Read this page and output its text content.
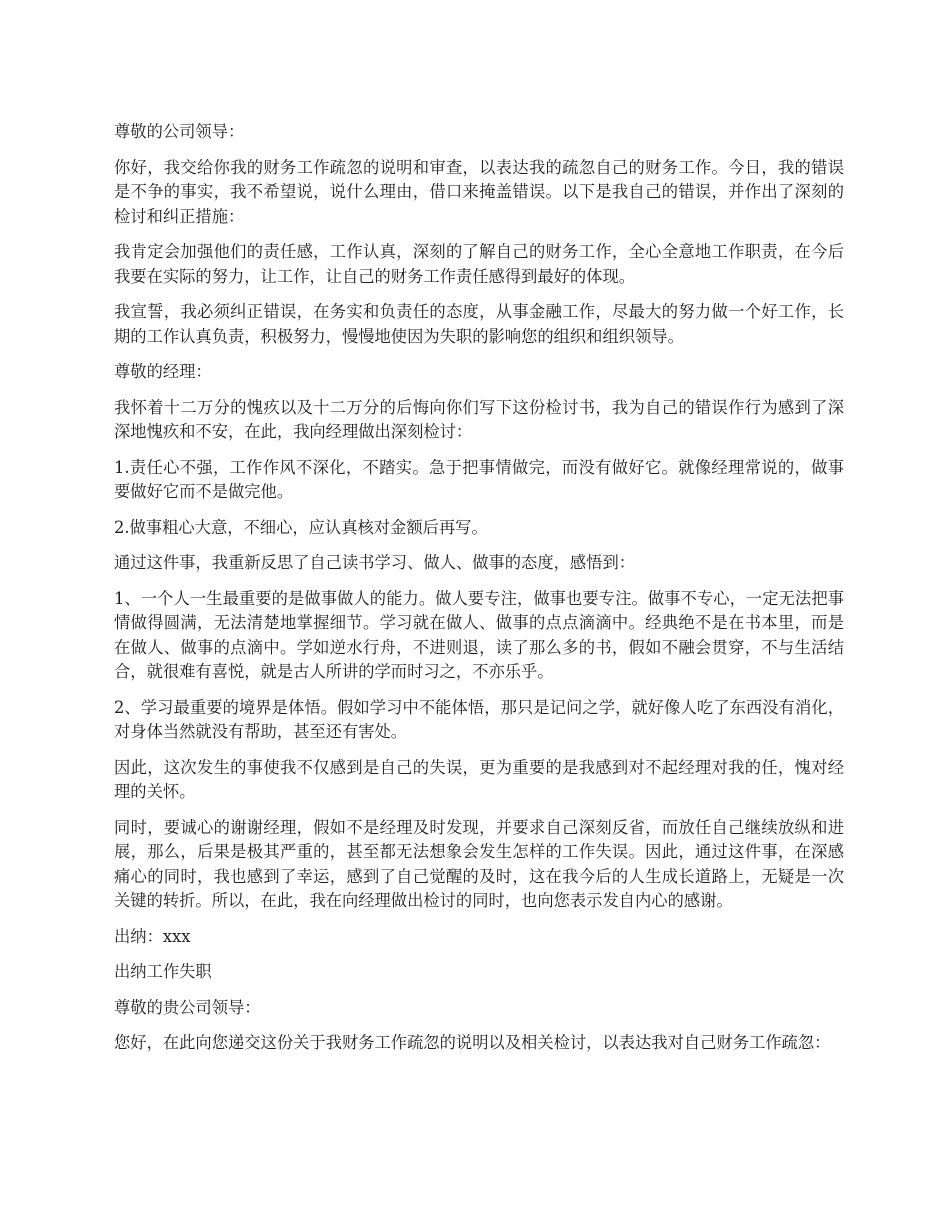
尊敬的公司领导：

你好，我交给你我的财务工作疏忽的说明和审查，以表达我的疏忽自己的财务工作。今日，我的错误是不争的事实，我不希望说，说什么理由，借口来掩盖错误。以下是我自己的错误，并作出了深刻的检讨和纠正措施：

我肯定会加强他们的责任感，工作认真，深刻的了解自己的财务工作，全心全意地工作职责，在今后我要在实际的努力，让工作，让自己的财务工作责任感得到最好的体现。

我宣誓，我必须纠正错误，在务实和负责任的态度，从事金融工作，尽最大的努力做一个好工作，长期的工作认真负责，积极努力，慢慢地使因为失职的影响您的组织和组织领导。

尊敬的经理：

我怀着十二万分的愧疚以及十二万分的后悔向你们写下这份检讨书，我为自己的错误作行为感到了深深地愧疚和不安，在此，我向经理做出深刻检讨：

1.责任心不强，工作作风不深化，不踏实。急于把事情做完，而没有做好它。就像经理常说的，做事要做好它而不是做完他。

2.做事粗心大意，不细心，应认真核对金额后再写。

通过这件事，我重新反思了自己读书学习、做人、做事的态度，感悟到：

1、一个人一生最重要的是做事做人的能力。做人要专注，做事也要专注。做事不专心，一定无法把事情做得圆满，无法清楚地掌握细节。学习就在做人、做事的点点滴滴中。经典绝不是在书本里，而是在做人、做事的点滴中。学如逆水行舟，不进则退，读了那么多的书，假如不融会贯穿，不与生活结合，就很难有喜悦，就是古人所讲的学而时习之，不亦乐乎。

2、学习最重要的境界是体悟。假如学习中不能体悟，那只是记问之学，就好像人吃了东西没有消化，对身体当然就没有帮助，甚至还有害处。

因此，这次发生的事使我不仅感到是自己的失误，更为重要的是我感到对不起经理对我的任，愧对经理的关怀。

同时，要诚心的谢谢经理，假如不是经理及时发现，并要求自己深刻反省，而放任自己继续放纵和进展，那么，后果是极其严重的，甚至都无法想象会发生怎样的工作失误。因此，通过这件事，在深感痛心的同时，我也感到了幸运，感到了自己觉醒的及时，这在我今后的人生成长道路上，无疑是一次关键的转折。所以，在此，我在向经理做出检讨的同时，也向您表示发自内心的感谢。

出纳：xxx

出纳工作失职

尊敬的贵公司领导：

您好，在此向您递交这份关于我财务工作疏忽的说明以及相关检讨，以表达我对自己财务工作疏忽：
